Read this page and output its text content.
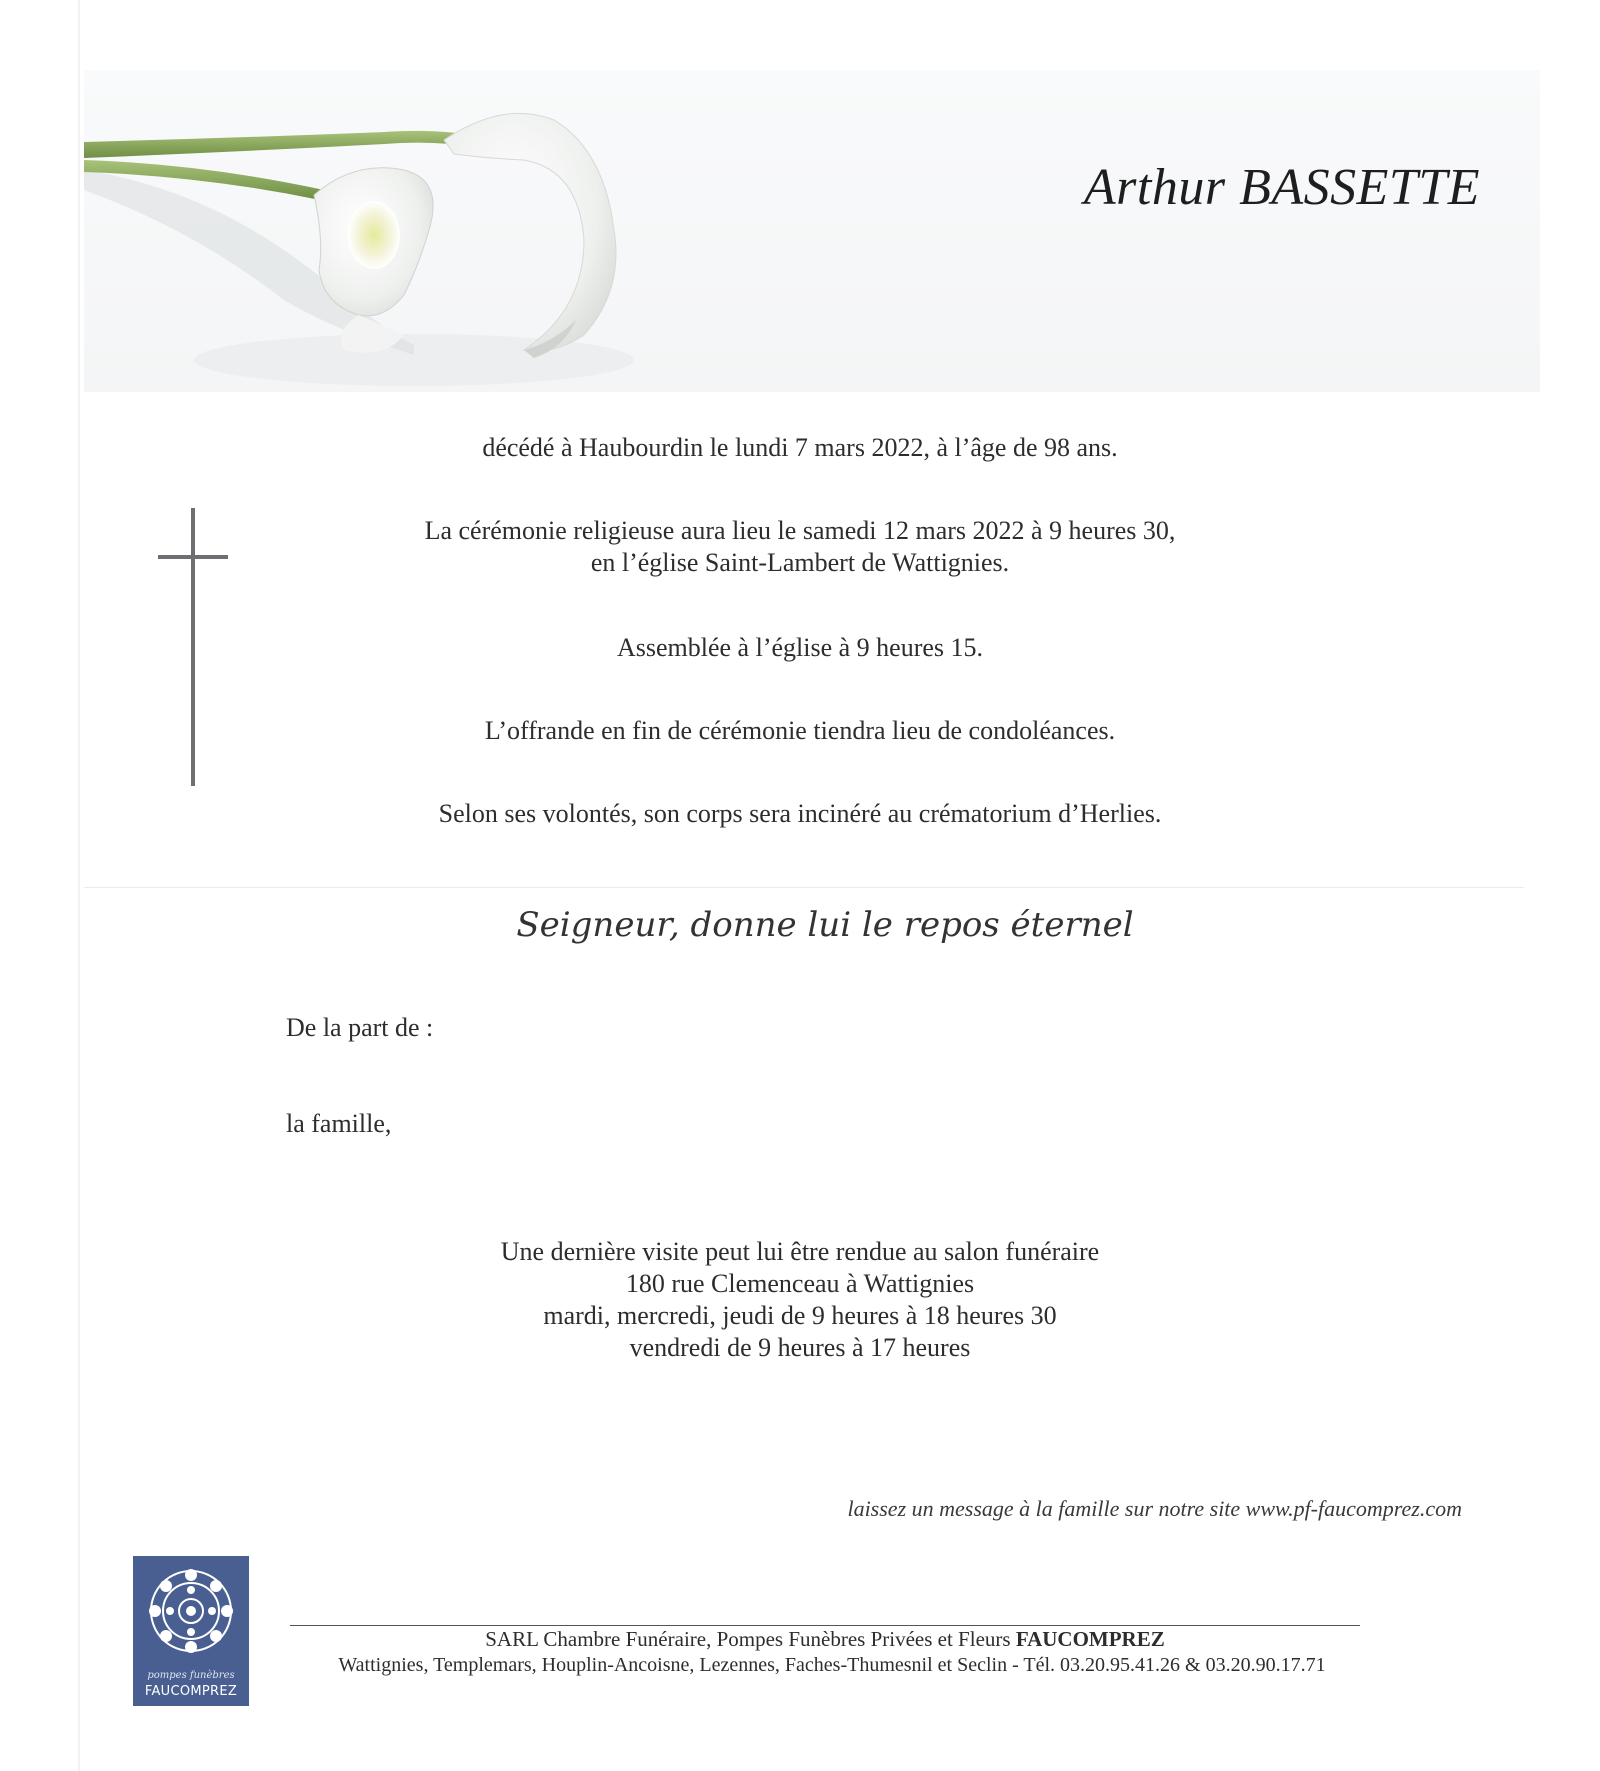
Arthur BASSETTE
décédé à Haubourdin le lundi 7 mars 2022, à l’âge de 98 ans.
La cérémonie religieuse aura lieu le samedi 12 mars 2022 à 9 heures 30,
en l’église Saint-Lambert de Wattignies.
Assemblée à l’église à 9 heures 15.
L’offrande en fin de cérémonie tiendra lieu de condoléances.
Selon ses volontés, son corps sera incinéré au crématorium d’Herlies.
Seigneur, donne lui le repos éternel
De la part de :
la famille,
Une dernière visite peut lui être rendue au salon funéraire
180 rue Clemenceau à Wattignies
mardi, mercredi, jeudi de 9 heures à 18 heures 30
vendredi de 9 heures à 17 heures
laissez un message à la famille sur notre site www.pf-faucomprez.com
pompes funèbres
FAUCOMPREZ
SARL Chambre Funéraire, Pompes Funèbres Privées et Fleurs FAUCOMPREZ
Wattignies, Templemars, Houplin-Ancoisne, Lezennes, Faches-Thumesnil et Seclin - Tél. 03.20.95.41.26 & 03.20.90.17.71
